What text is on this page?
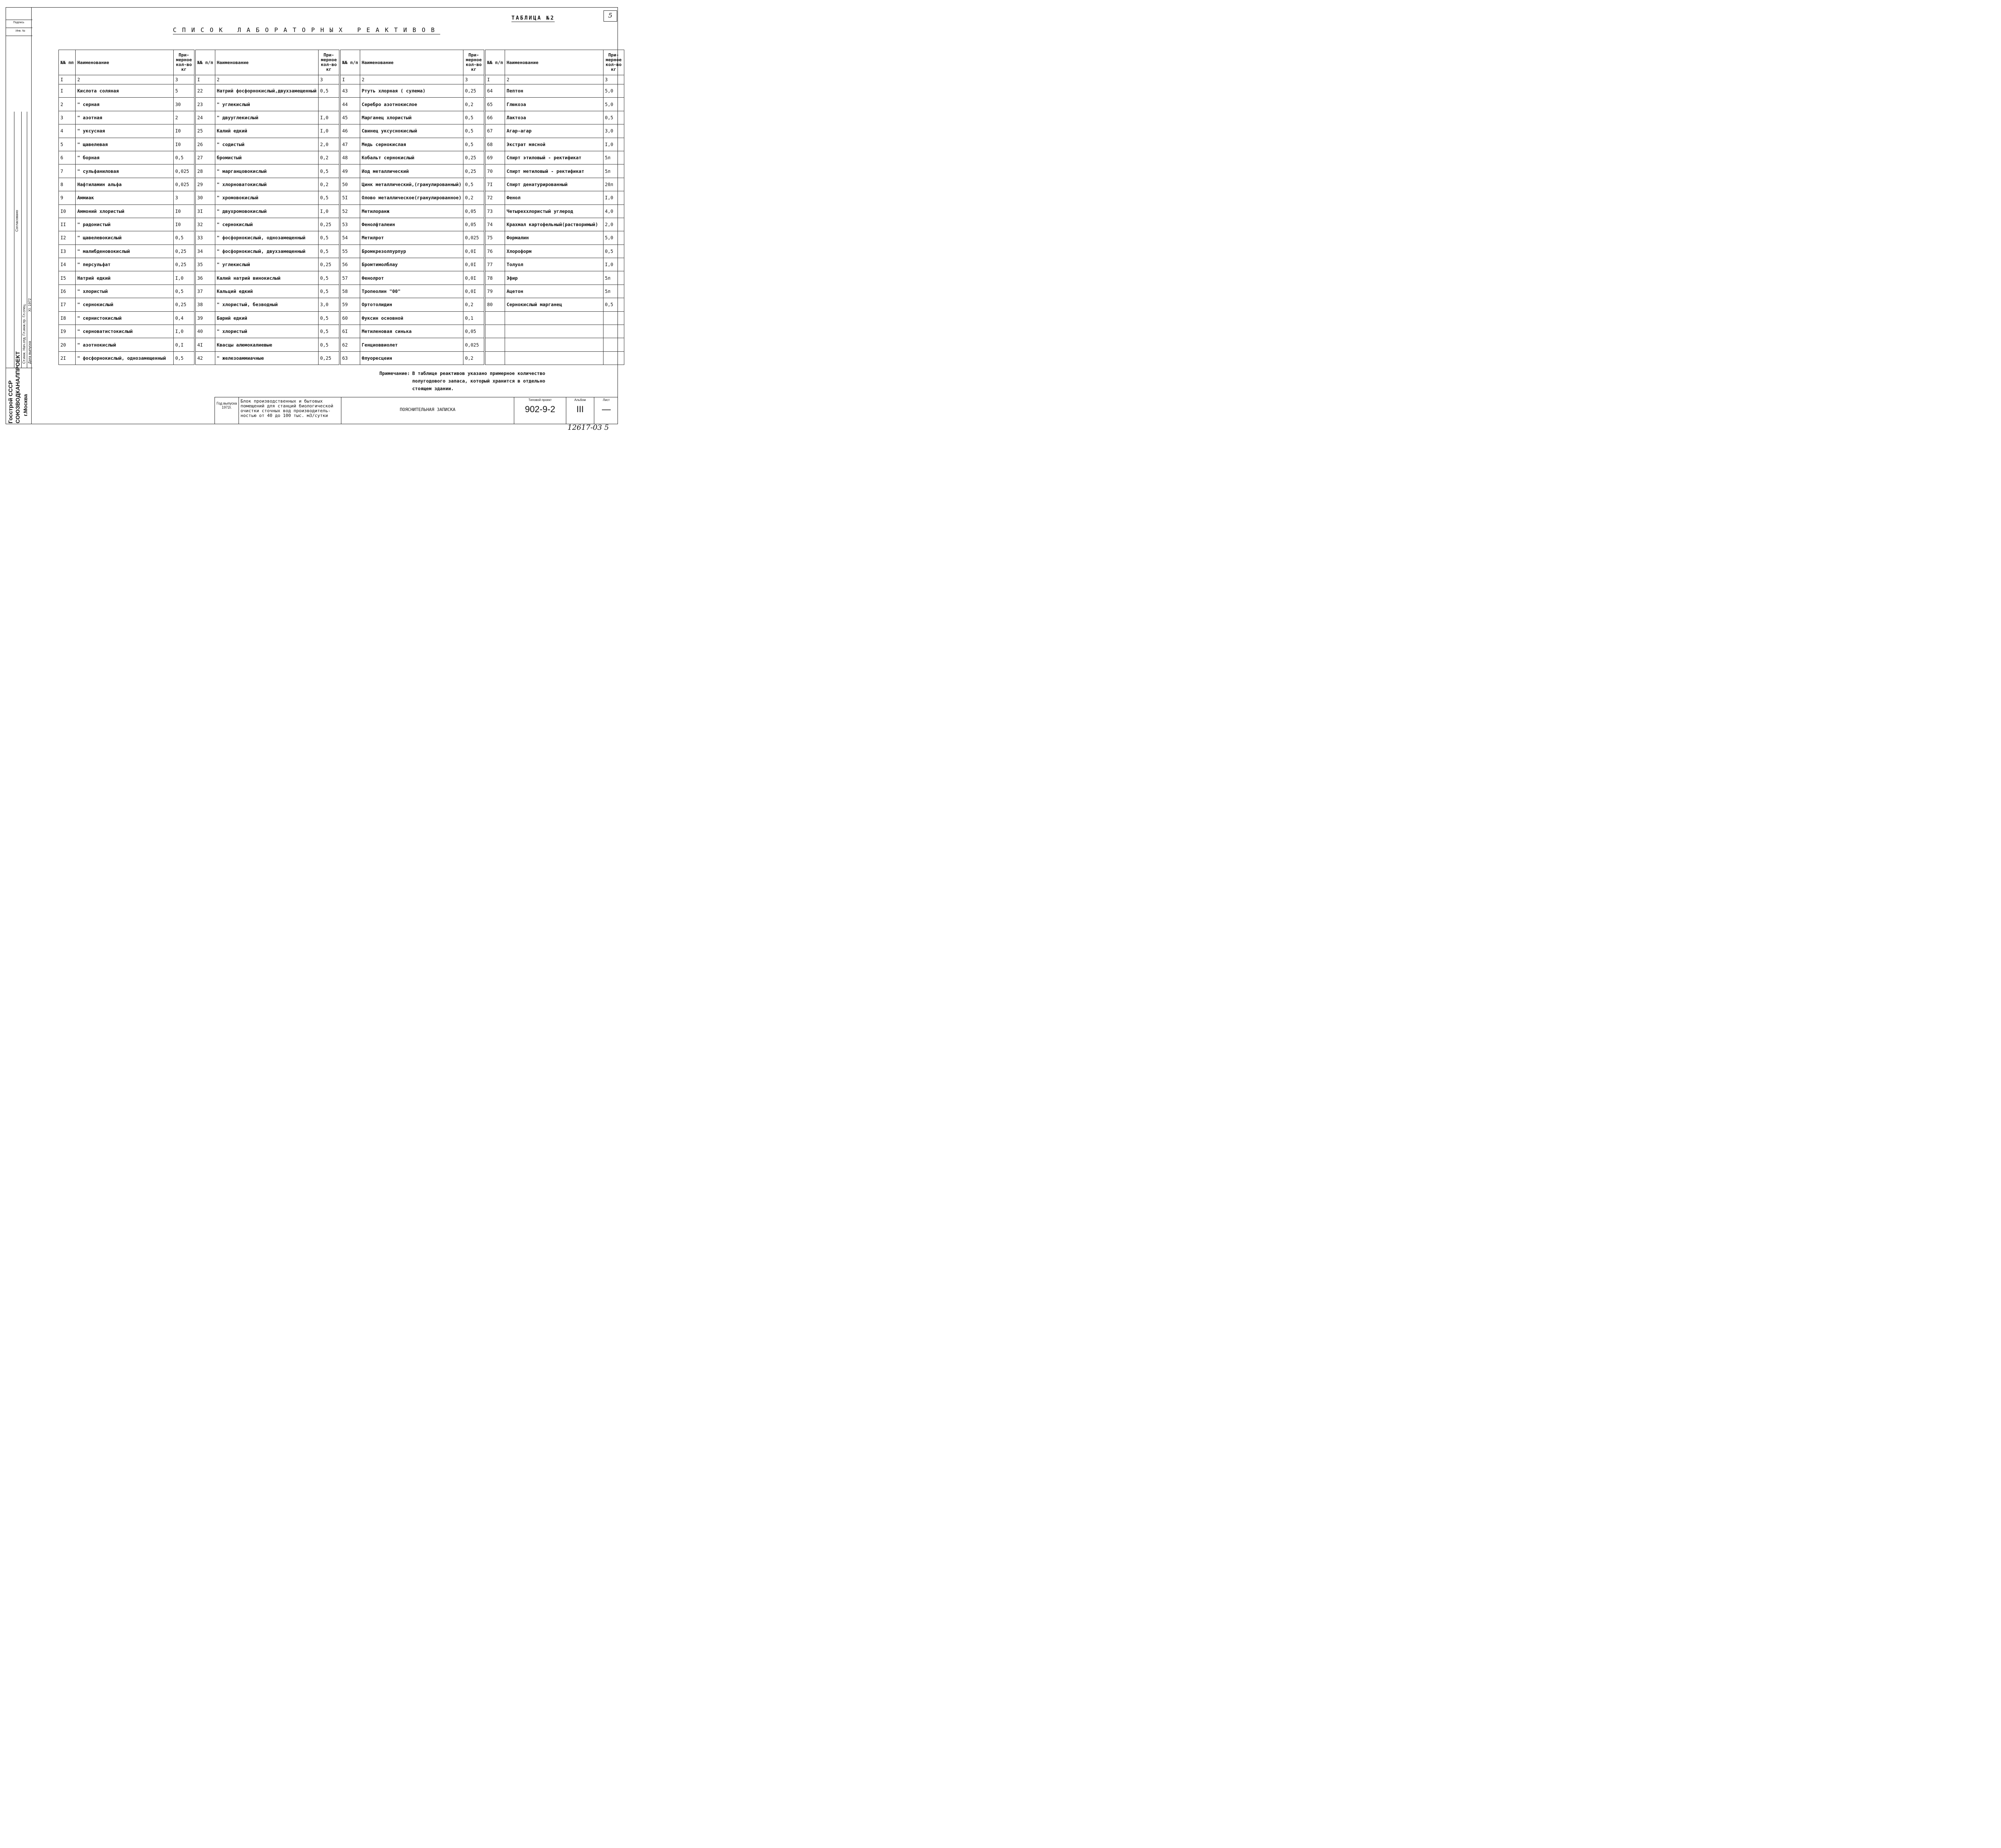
Подпись
Инв. №
Согласовано
Ст.инж. Нач.отд. Гл.инж.пр. Гл.спец. Дата выпуска
XI. 1972
Госстрой СССР СОЮЗВОДКАНАЛПРОЕКТ г.Москва
5
ТАБЛИЦА №2
СПИСОК ЛАБОРАТОРНЫХ РЕАКТИВОВ
№№ пп	Наименование	При-мерное кол-во кг		№№ п/п	Наименование	При-мерное кол-во кг		№№ п/п	Наименование	При-мерное кол-во кг		№№ п/п	Наименование	При-мерное кол-во кг
I	2	3		I	2	3		I	2	3		I	2	3
I	Кислота соляная	5		22	Натрий фосфорнокислый,двухзамещенный	0,5		43	Ртуть хлорная ( сулема)	0,25		64	Пептон	5,0
2	" серная	30		23	" углекислый			44	Серебро азотнокислое	0,2		65	Глюкоза	5,0
3	" азотная	2		24	" двууглекислый	I,0		45	Марганец хлористый	0,5		66	Лактоза	0,5
4	" уксусная	I0		25	Калий едкий	I,0		46	Свинец уксуснокислый	0,5		67	Агар-агар	3,0
5	" щавелевая	I0		26	" содистый	2,0		47	Медь сернокислая	0,5		68	Экстрат мясной	I,0
6	" борная	0,5		27	бромистый	0,2		48	Кобальт сернокислый	0,25		69	Спирт этиловый - ректификат	5л
7	" сульфаниловая	0,025		28	" марганцовокислый	0,5		49	Иод металлический	0,25		70	Спирт метиловый - ректификат	5л
8	Нафтиламин альфа	0,025		29	" хлорноватокислый	0,2		50	Цинк металлический,(гранулированный)	0,5		7I	Спирт денатурированный	20л
9	Аммиак	3		30	" хромовокислый	0,5		5I	Олово металлическое(гранулированное)	0,2		72	Фенол	I,0
I0	Аммоний хлористый	I0		3I	" двухромовокислый	I,0		52	Метилоранж	0,05		73	Четыреххлористый углерод	4,0
II	" радонистый	I0		32	" сернокислый	0,25		53	Фенолфталеин	0,05		74	Крахмал картофельный(растворимый)	2,0
I2	" щавелевокислый	0,5		33	" фосфорнокислый, однозамещенный	0,5		54	Метилрот	0,025		75	Формалин	5,0
I3	" малибденовокислый	0,25		34	" фосфорнокислый, двухзамещенный	0,5		55	Бромкрезолпурпур	0,0I		76	Хлороформ	0,5
I4	" персульфат	0,25		35	" углекислый	0,25		56	Бромтимолблау	0,0I		77	Толуол	I,0
I5	Натрий едкий	I,0		36	Калий натрий винокислый	0,5		57	Фенолрот	0,0I		78	Эфир	5л
I6	" хлористый	0,5		37	Кальций едкий	0,5		58	Тропеолин "00"	0,0I		79	Ацетон	5л
I7	" сернокислый	0,25		38	" хлористый, безводный	3,0		59	Ортотолидин	0,2		80	Сернокислый марганец	0,5
I8	" сернистокислый	0,4		39	Барий едкий	0,5		60	Фуксин основной	0,1				
I9	" серноватистокислый	I,0		40	" хлористый	0,5		6I	Метиленовая синька	0,05				
20	" азотнокислый	0,I		4I	Квасцы алюмокалиевые	0,5		62	Генциоввиолет	0,025				
2I	" фосфорнокислый, однозамещенный	0,5		42	" железоаммиачные	0,25		63	Флуоресцеин	0,2				
Примечание: В таблице реактивов указано примерное количество полугодового запаса, который хранится в отдельно стоящем здании.
Год выпуска
1972г.
Блок производственных и бытовых помещений для станций биологической очистки сточных вод производитель-ностью от 40 до 100 тыс. м3/сутки
ПОЯСНИТЕЛЬНАЯ ЗАПИСКА
Типовой проект
902-9-2
Альбом
III
Лист
—
12617-03 5
